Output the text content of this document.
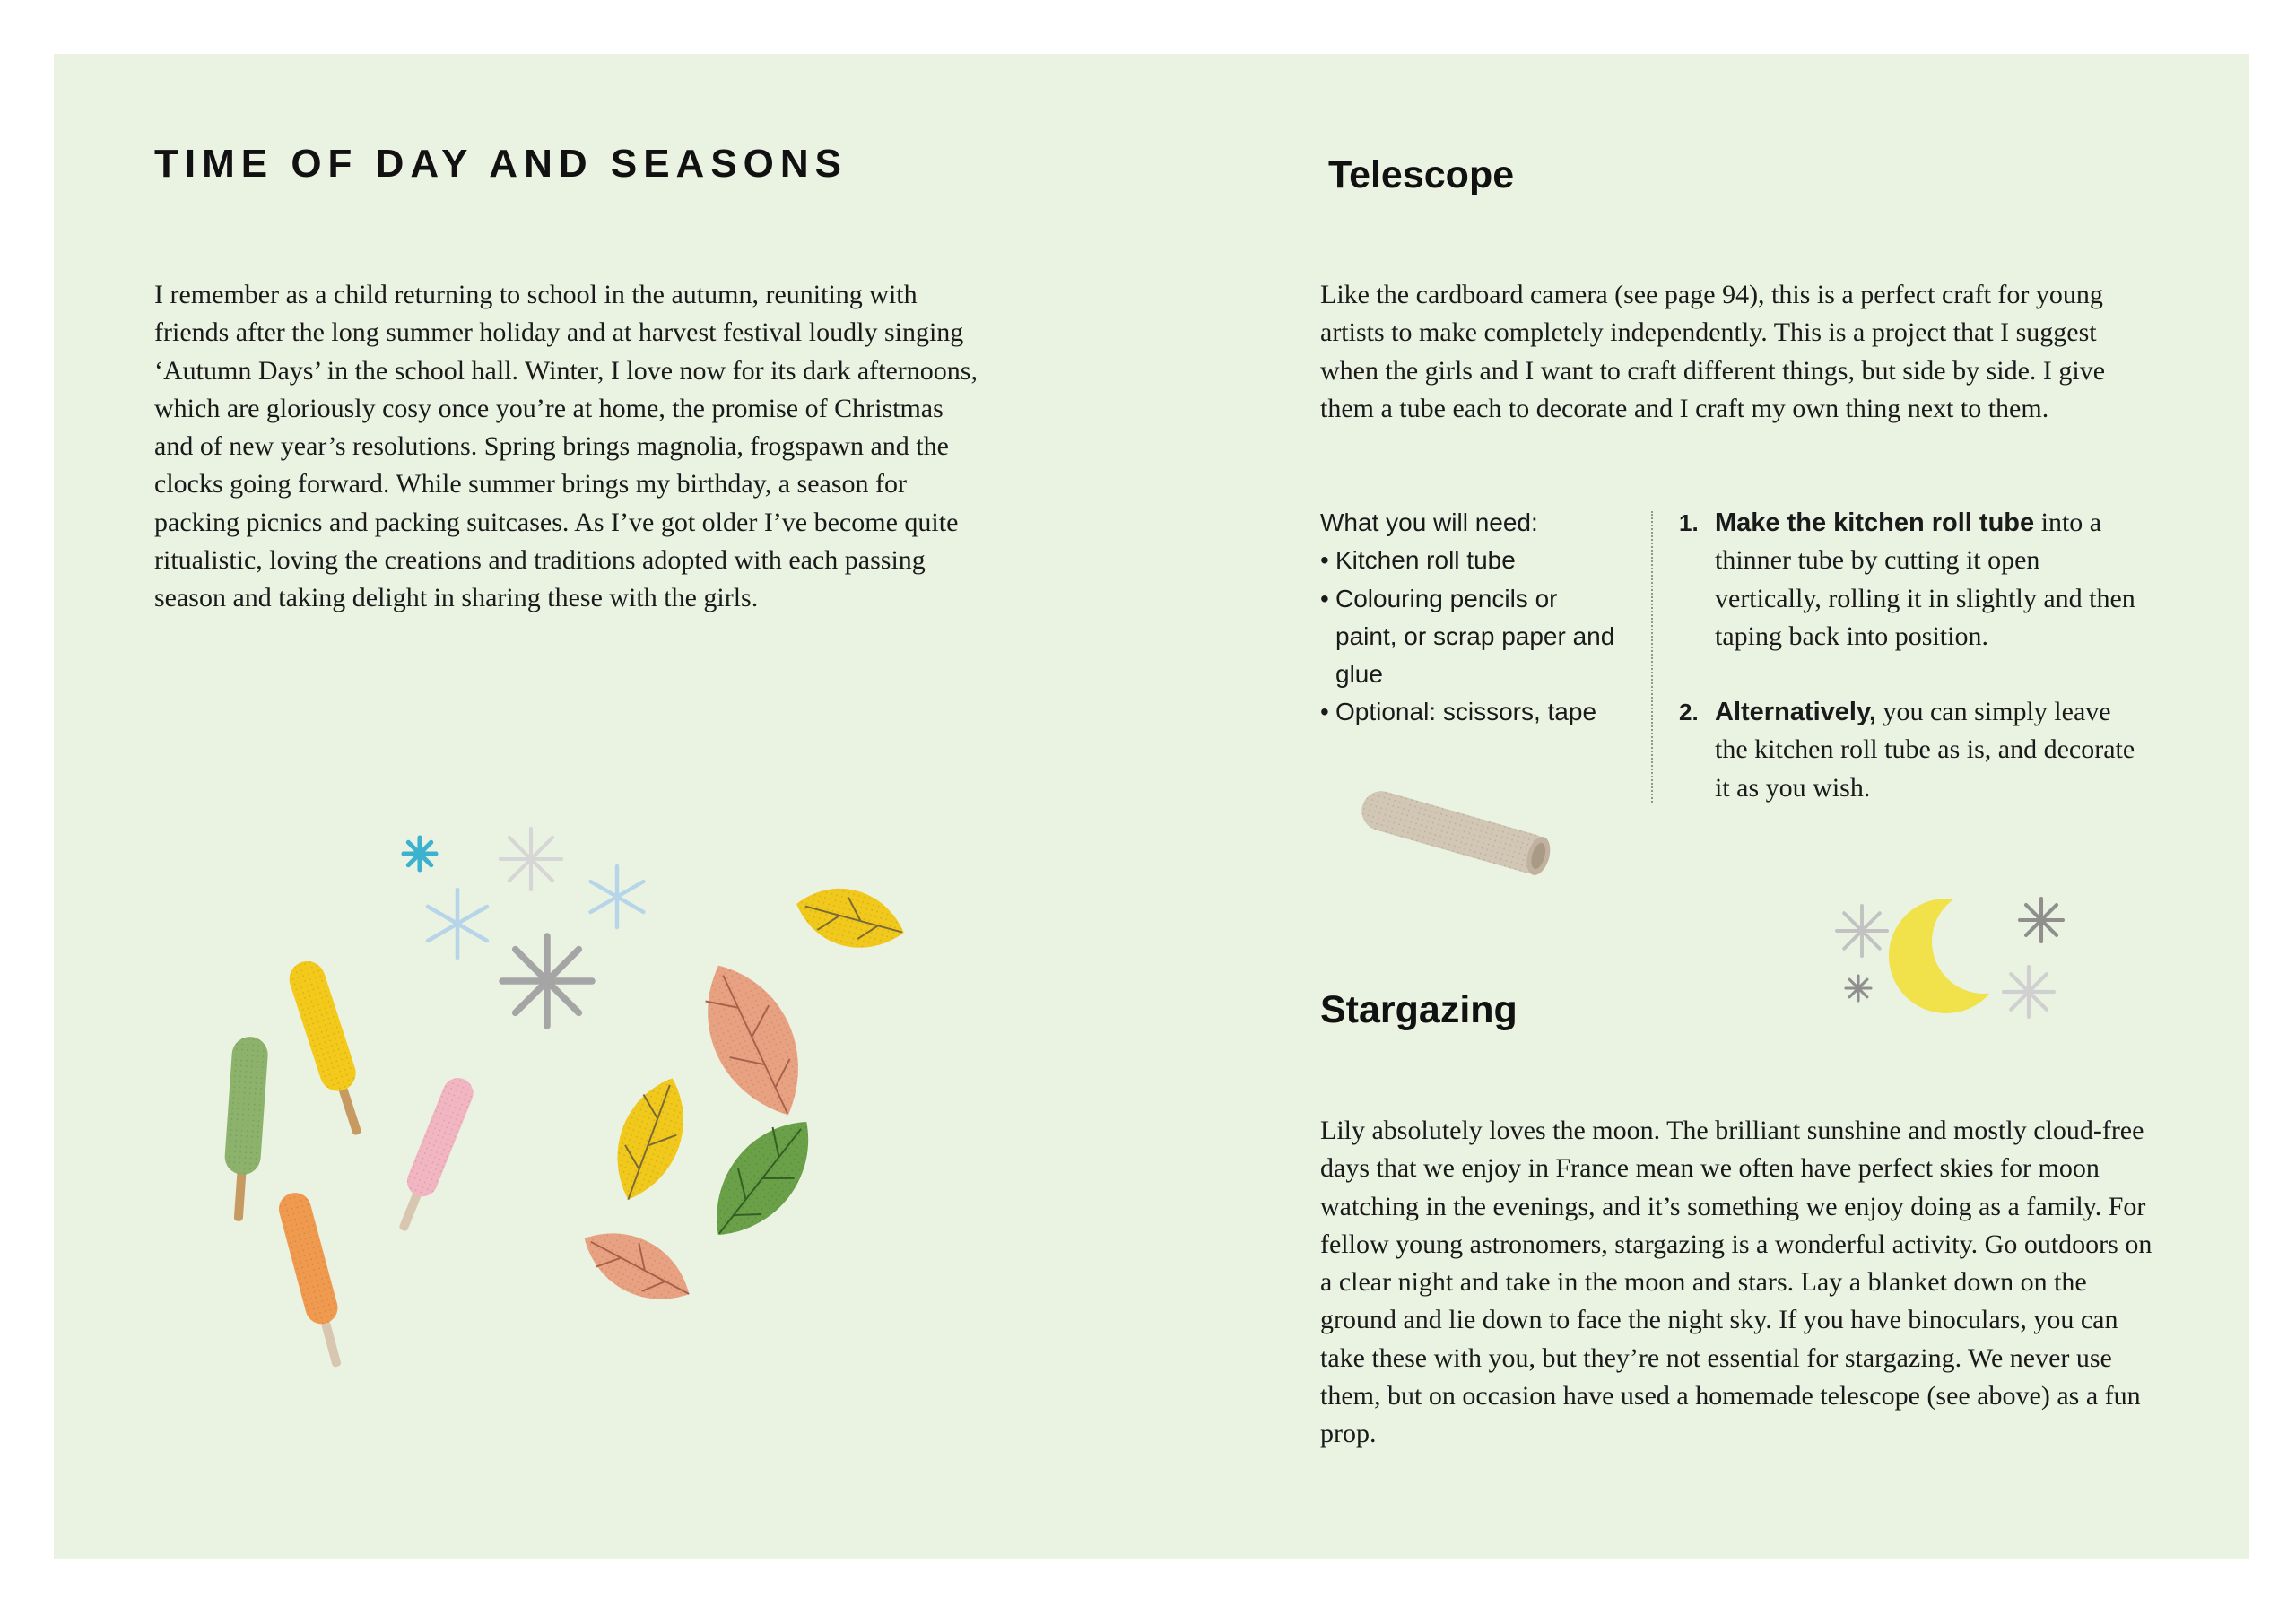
TIME OF DAY AND SEASONS

I remember as a child returning to school in the autumn, reuniting with friends after the long summer holiday and at harvest festival loudly singing ‘Autumn Days’ in the school hall. Winter, I love now for its dark afternoons, which are gloriously cosy once you’re at home, the promise of Christmas and of new year’s resolutions. Spring brings magnolia, frogspawn and the clocks going forward. While summer brings my birthday, a season for packing picnics and packing suitcases. As I’ve got older I’ve become quite ritualistic, loving the creations and traditions adopted with each passing season and taking delight in sharing these with the girls.

Telescope

Like the cardboard camera (see page 94), this is a perfect craft for young artists to make completely independently. This is a project that I suggest when the girls and I want to craft different things, but side by side. I give them a tube each to decorate and I craft my own thing next to them.

What you will need:
• Kitchen roll tube
• Colouring pencils or paint, or scrap paper and glue
• Optional: scissors, tape
1. Make the kitchen roll tube into a thinner tube by cutting it open vertically, rolling it in slightly and then taping back into position.
2. Alternatively, you can simply leave the kitchen roll tube as is, and decorate it as you wish.
Stargazing

Lily absolutely loves the moon. The brilliant sunshine and mostly cloud-free days that we enjoy in France mean we often have perfect skies for moon watching in the evenings, and it’s something we enjoy doing as a family. For fellow young astronomers, stargazing is a wonderful activity. Go outdoors on a clear night and take in the moon and stars. Lay a blanket down on the ground and lie down to face the night sky. If you have binoculars, you can take these with you, but they’re not essential for stargazing. We never use them, but on occasion have used a homemade telescope (see above) as a fun prop.
